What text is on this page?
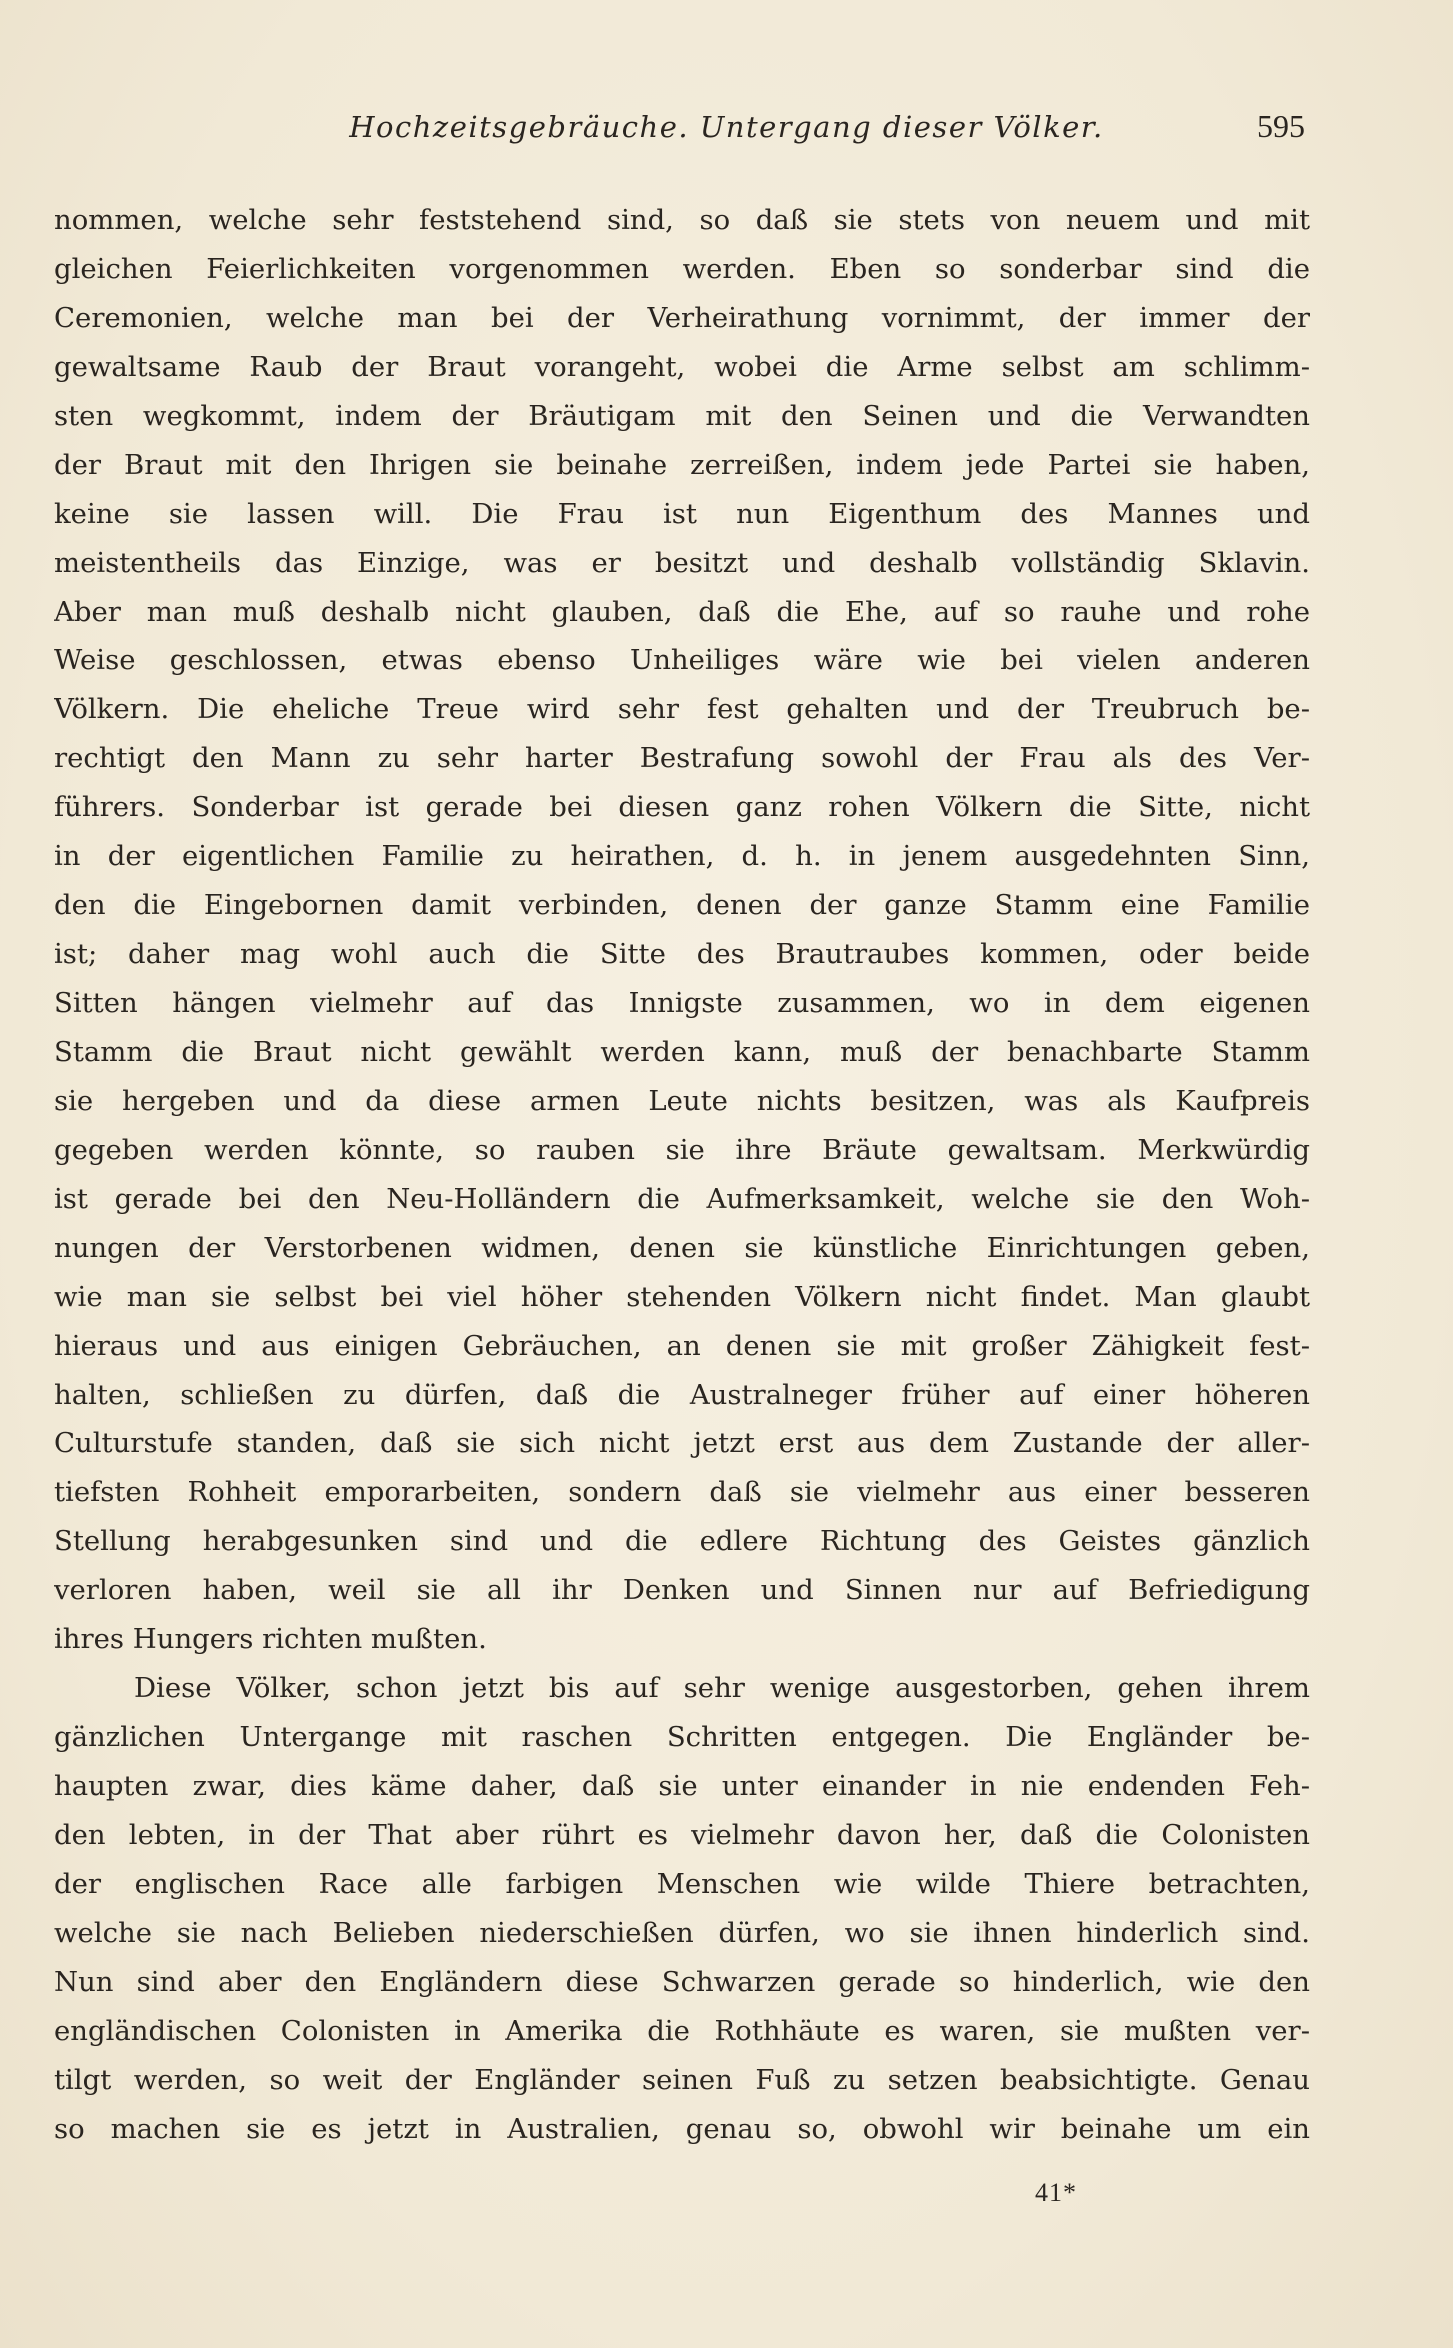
Hochzeitsgebräuche. Untergang dieser Völker.	595
nommen, welche sehr feststehend sind, so daß sie stets von neuem und mit
gleichen Feierlichkeiten vorgenommen werden. Eben so sonderbar sind die
Ceremonien, welche man bei der Verheirathung vornimmt, der immer der
gewaltsame Raub der Braut vorangeht, wobei die Arme selbst am schlimm-
sten wegkommt, indem der Bräutigam mit den Seinen und die Verwandten
der Braut mit den Ihrigen sie beinahe zerreißen, indem jede Partei sie haben,
keine sie lassen will. Die Frau ist nun Eigenthum des Mannes und
meistentheils das Einzige, was er besitzt und deshalb vollständig Sklavin.
Aber man muß deshalb nicht glauben, daß die Ehe, auf so rauhe und rohe
Weise geschlossen, etwas ebenso Unheiliges wäre wie bei vielen anderen
Völkern. Die eheliche Treue wird sehr fest gehalten und der Treubruch be-
rechtigt den Mann zu sehr harter Bestrafung sowohl der Frau als des Ver-
führers. Sonderbar ist gerade bei diesen ganz rohen Völkern die Sitte, nicht
in der eigentlichen Familie zu heirathen, d. h. in jenem ausgedehnten Sinn,
den die Eingebornen damit verbinden, denen der ganze Stamm eine Familie
ist; daher mag wohl auch die Sitte des Brautraubes kommen, oder beide
Sitten hängen vielmehr auf das Innigste zusammen, wo in dem eigenen
Stamm die Braut nicht gewählt werden kann, muß der benachbarte Stamm
sie hergeben und da diese armen Leute nichts besitzen, was als Kaufpreis
gegeben werden könnte, so rauben sie ihre Bräute gewaltsam. Merkwürdig
ist gerade bei den Neu-Holländern die Aufmerksamkeit, welche sie den Woh-
nungen der Verstorbenen widmen, denen sie künstliche Einrichtungen geben,
wie man sie selbst bei viel höher stehenden Völkern nicht findet. Man glaubt
hieraus und aus einigen Gebräuchen, an denen sie mit großer Zähigkeit fest-
halten, schließen zu dürfen, daß die Australneger früher auf einer höheren
Culturstufe standen, daß sie sich nicht jetzt erst aus dem Zustande der aller-
tiefsten Rohheit emporarbeiten, sondern daß sie vielmehr aus einer besseren
Stellung herabgesunken sind und die edlere Richtung des Geistes gänzlich
verloren haben, weil sie all ihr Denken und Sinnen nur auf Befriedigung
ihres Hungers richten mußten.
Diese Völker, schon jetzt bis auf sehr wenige ausgestorben, gehen ihrem
gänzlichen Untergange mit raschen Schritten entgegen. Die Engländer be-
haupten zwar, dies käme daher, daß sie unter einander in nie endenden Feh-
den lebten, in der That aber rührt es vielmehr davon her, daß die Colonisten
der englischen Race alle farbigen Menschen wie wilde Thiere betrachten,
welche sie nach Belieben niederschießen dürfen, wo sie ihnen hinderlich sind.
Nun sind aber den Engländern diese Schwarzen gerade so hinderlich, wie den
engländischen Colonisten in Amerika die Rothhäute es waren, sie mußten ver-
tilgt werden, so weit der Engländer seinen Fuß zu setzen beabsichtigte. Genau
so machen sie es jetzt in Australien, genau so, obwohl wir beinahe um ein
41*
